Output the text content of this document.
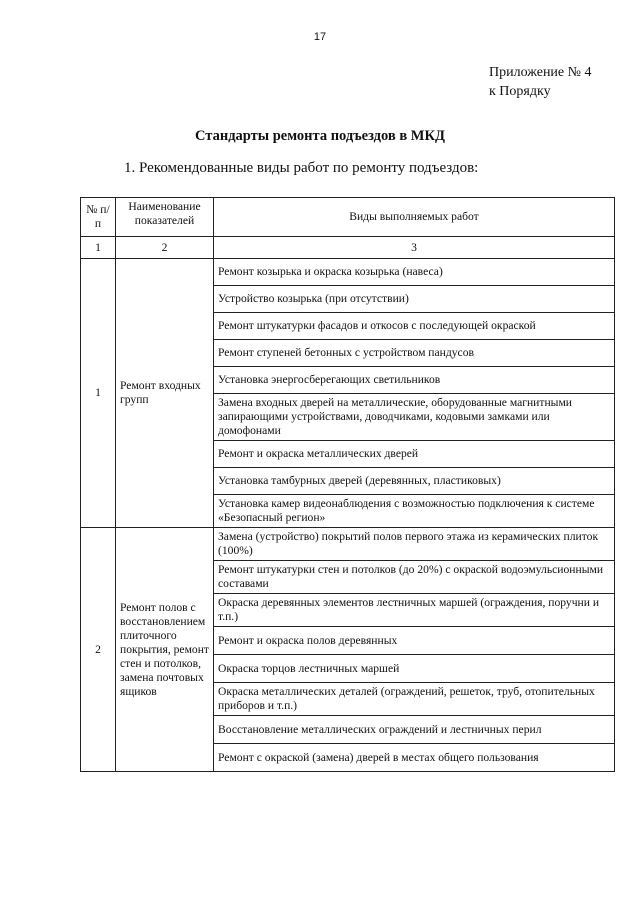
17
Приложение № 4
к Порядку
Стандарты ремонта подъездов в МКД
1. Рекомендованные виды работ по ремонту подъездов:
№ п/п	Наименование показателей	Виды выполняемых работ
1	2	3
1	Ремонт входных групп	Ремонт козырька и окраска козырька (навеса)
		Устройство козырька (при отсутствии)
		Ремонт штукатурки фасадов и откосов с последующей окраской
		Ремонт ступеней бетонных с устройством пандусов
		Установка энергосберегающих светильников
		Замена входных дверей на металлические, оборудованные магнитными запирающими устройствами, доводчиками, кодовыми замками или домофонами
		Ремонт и окраска металлических дверей
		Установка тамбурных дверей (деревянных, пластиковых)
		Установка камер видеонаблюдения с возможностью подключения к системе «Безопасный регион»
2	Ремонт полов с восстановлением плиточного покрытия, ремонт стен и потолков, замена почтовых ящиков	Замена (устройство) покрытий полов первого этажа из керамических плиток (100%)
		Ремонт штукатурки стен и потолков (до 20%) с окраской водоэмульсионными составами
		Окраска деревянных элементов лестничных маршей (ограждения, поручни и т.п.)
		Ремонт и окраска полов деревянных
		Окраска торцов лестничных маршей
		Окраска металлических деталей (ограждений, решеток, труб, отопительных приборов и т.п.)
		Восстановление металлических ограждений и лестничных перил
		Ремонт с окраской (замена) дверей в местах общего пользования
